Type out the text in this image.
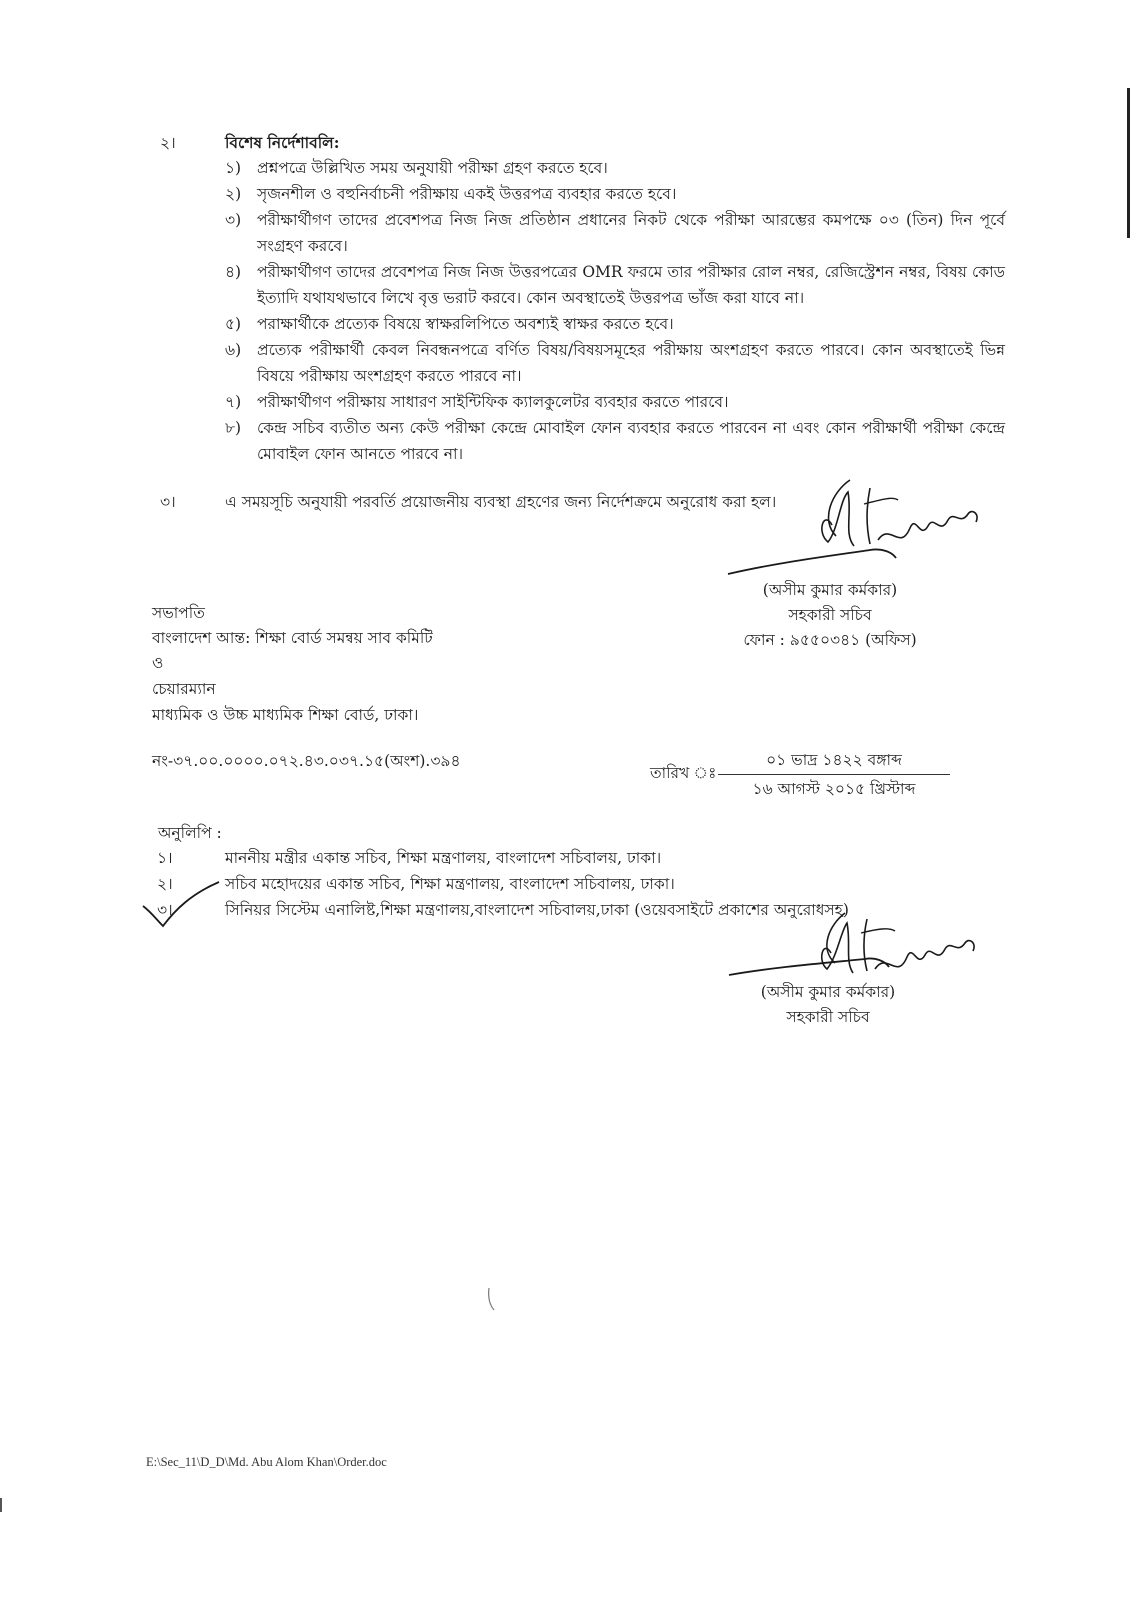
২।	বিশেষ নির্দেশাবলি:
১) প্রশ্নপত্রে উল্লিখিত সময় অনুযায়ী পরীক্ষা গ্রহণ করতে হবে।
২) সৃজনশীল ও বহুনির্বাচনী পরীক্ষায় একই উত্তরপত্র ব্যবহার করতে হবে।
৩) পরীক্ষার্থীগণ তাদের প্রবেশপত্র নিজ নিজ প্রতিষ্ঠান প্রধানের নিকট থেকে পরীক্ষা আরম্ভের কমপক্ষে ০৩ (তিন) দিন পূর্বে সংগ্রহণ করবে।
৪) পরীক্ষার্থীগণ তাদের প্রবেশপত্র নিজ নিজ উত্তরপত্রের OMR ফরমে তার পরীক্ষার রোল নম্বর, রেজিস্ট্রেশন নম্বর, বিষয় কোড ইত্যাদি যথাযথভাবে লিখে বৃত্ত ভরাট করবে। কোন অবস্থাতেই উত্তরপত্র ভাঁজ করা যাবে না।
৫) পরাক্ষার্থীকে প্রত্যেক বিষয়ে স্বাক্ষরলিপিতে অবশ্যই স্বাক্ষর করতে হবে।
৬) প্রত্যেক পরীক্ষার্থী কেবল নিবন্ধনপত্রে বর্ণিত বিষয়/বিষয়সমূহের পরীক্ষায় অংশগ্রহণ করতে পারবে। কোন অবস্থাতেই ভিন্ন বিষয়ে পরীক্ষায় অংশগ্রহণ করতে পারবে না।
৭) পরীক্ষার্থীগণ পরীক্ষায় সাধারণ সাইন্টিফিক ক্যালকুলেটর ব্যবহার করতে পারবে।
৮) কেন্দ্র সচিব ব্যতীত অন্য কেউ পরীক্ষা কেন্দ্রে মোবাইল ফোন ব্যবহার করতে পারবেন না এবং কোন পরীক্ষার্থী পরীক্ষা কেন্দ্রে মোবাইল ফোন আনতে পারবে না।
৩।	এ সময়সূচি অনুযায়ী পরবর্তি প্রয়োজনীয় ব্যবস্থা গ্রহণের জন্য নির্দেশক্রমে অনুরোধ করা হল।
(অসীম কুমার কর্মকার)
সহকারী সচিব
ফোন : ৯৫৫০৩৪১ (অফিস)
সভাপতি
বাংলাদেশ আন্ত: শিক্ষা বোর্ড সমন্বয় সাব কমিটি
ও
চেয়ারম্যান
মাধ্যমিক ও উচ্চ মাধ্যমিক শিক্ষা বোর্ড, ঢাকা।
নং-৩৭.০০.০০০০.০৭২.৪৩.০৩৭.১৫(অংশ).৩৯৪
তারিখ ঃ
০১ ভাদ্র ১৪২২ বঙ্গাব্দ
১৬ আগস্ট ২০১৫ খ্রিস্টাব্দ
অনুলিপি :
১।	মাননীয় মন্ত্রীর একান্ত সচিব, শিক্ষা মন্ত্রণালয়, বাংলাদেশ সচিবালয়, ঢাকা।
২।	সচিব মহোদয়ের একান্ত সচিব, শিক্ষা মন্ত্রণালয়, বাংলাদেশ সচিবালয়, ঢাকা।
৩।	সিনিয়র সিস্টেম এনালিষ্ট,শিক্ষা মন্ত্রণালয়,বাংলাদেশ সচিবালয়,ঢাকা (ওয়েবসাইটে প্রকাশের অনুরোধসহ)
(অসীম কুমার কর্মকার)
সহকারী সচিব
E:\Sec_11\D_D\Md. Abu Alom Khan\Order.doc
